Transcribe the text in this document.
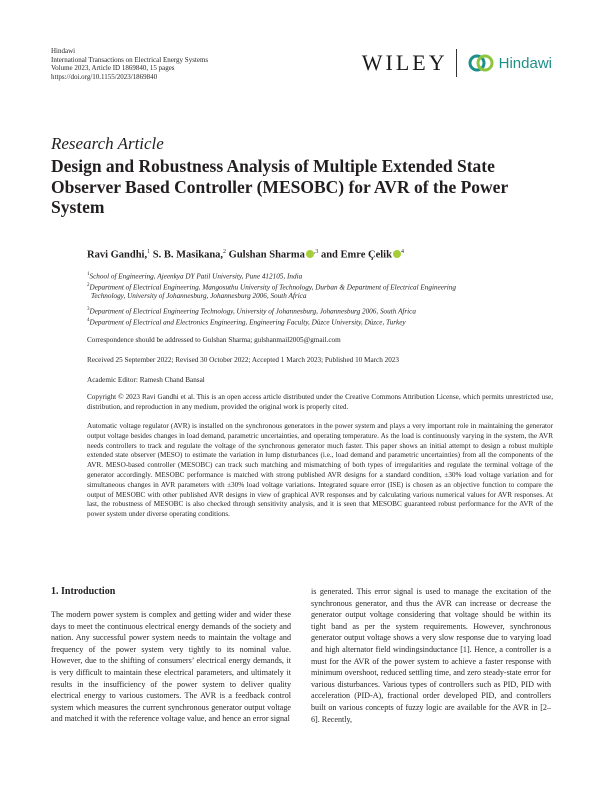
Hindawi
International Transactions on Electrical Energy Systems
Volume 2023, Article ID 1869840, 15 pages
https://doi.org/10.1155/2023/1869840
WILEY	Hindawi
Research Article
Design and Robustness Analysis of Multiple Extended State Observer Based Controller (MESOBC) for AVR of the Power System
Ravi Gandhi,$^1$ S. B. Masikana,$^2$ Gulshan Sharma $^{,3}$ and Emre Çelik $^4$
$^1$School of Engineering, Ajeenkya DY Patil University, Pune 412105, India
$^2$Department of Electrical Engineering, Mangosuthu University of Technology, Durban & Department of Electrical Engineering
Technology, University of Johannesburg, Johannesburg 2006, South Africa
$^3$Department of Electrical Engineering Technology, University of Johannesburg, Johannesburg 2006, South Africa
$^4$Department of Electrical and Electronics Engineering, Engineering Faculty, Düzce University, Düzce, Turkey
Correspondence should be addressed to Gulshan Sharma; gulshanmail2005@gmail.com
Received 25 September 2022; Revised 30 October 2022; Accepted 1 March 2023; Published 10 March 2023
Academic Editor: Ramesh Chand Bansal
Copyright © 2023 Ravi Gandhi et al. This is an open access article distributed under the Creative Commons Attribution License, which permits unrestricted use, distribution, and reproduction in any medium, provided the original work is properly cited.
Automatic voltage regulator (AVR) is installed on the synchronous generators in the power system and plays a very important role in maintaining the generator output voltage besides changes in load demand, parametric uncertainties, and operating temperature. As the load is continuously varying in the system, the AVR needs controllers to track and regulate the voltage of the synchronous generator much faster. This paper shows an initial attempt to design a robust multiple extended state observer (MESO) to estimate the variation in lump disturbances (i.e., load demand and parametric uncertainties) from all the components of the AVR. MESO-based controller (MESOBC) can track such matching and mismatching of both types of irregularities and regulate the terminal voltage of the generator accordingly. MESOBC performance is matched with strong published AVR designs for a standard condition, ±30% load voltage variation and for simultaneous changes in AVR parameters with ±30% load voltage variations. Integrated square error (ISE) is chosen as an objective function to compare the output of MESOBC with other published AVR designs in view of graphical AVR responses and by calculating various numerical values for AVR responses. At last, the robustness of MESOBC is also checked through sensitivity analysis, and it is seen that MESOBC guaranteed robust performance for the AVR of the power system under diverse operating conditions.
1. Introduction
The modern power system is complex and getting wider and wider these days to meet the continuous electrical energy demands of the society and nation. Any successful power system needs to maintain the voltage and frequency of the power system very tightly to its nominal value. However, due to the shifting of consumers’ electrical energy demands, it is very difficult to maintain these electrical parameters, and ultimately it results in the insufficiency of the power system to deliver quality electrical energy to various customers. The AVR is a feedback control system which measures the current synchronous generator output voltage and matched it with the reference voltage value, and hence an error signal
is generated. This error signal is used to manage the excitation of the synchronous generator, and thus the AVR can increase or decrease the generator output voltage considering that voltage should be within its tight band as per the system requirements. However, synchronous generator output voltage shows a very slow response due to varying load and high alternator field windingsinductance [1]. Hence, a controller is a must for the AVR of the power system to achieve a faster response with minimum overshoot, reduced settling time, and zero steady-state error for various disturbances. Various types of controllers such as PID, PID with acceleration (PID-A), fractional order developed PID, and controllers built on various concepts of fuzzy logic are available for the AVR in [2–6]. Recently,
